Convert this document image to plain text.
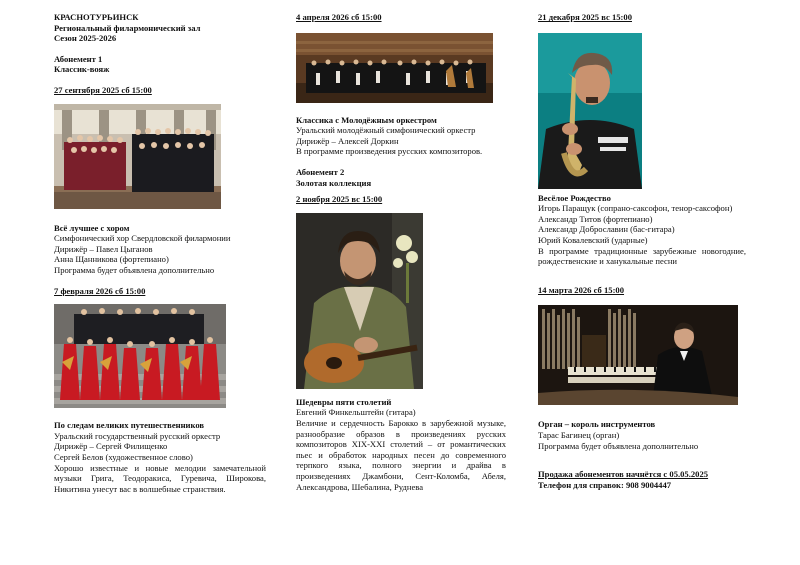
КРАСНОТУРЬИНСК
Региональный филармонический зал
Сезон 2025-2026
Абонемент 1
Классик-вояж
27 сентября 2025 сб 15:00
Всё лучшее с хором
Симфонический хор Свердловской филармонии
Дирижёр – Павел Цыганов
Анна Щанникова (фортепиано)
Программа будет объявлена дополнительно
7 февраля 2026 сб 15:00
По следам великих путешественников
Уральский государственный русский оркестр
Дирижёр – Сергей Филищенко
Сергей Белов (художественное слово)
Хорошо известные и новые мелодии замечательной музыки Грига, Теодоракиса, Гуревича, Широкова, Никитина унесут вас в волшебные странствия.
4 апреля 2026 сб 15:00
Классика с Молодёжным оркестром
Уральский молодёжный симфонический оркестр
Дирижёр – Алексей Доркин
В программе произведения русских композиторов.
Абонемент 2
Золотая коллекция
2 ноября 2025 вс 15:00
Шедевры пяти столетий
Евгений Финкельштейн (гитара)
Величие и сердечность Барокко в зарубежной музыке, разнообразие образов в произведениях русских композиторов XIX-XXI столетий – от романтических пьес и обработок народных песен до современного терпкого языка, полного энергии и драйва в произведениях Джамбони, Сент-Коломба, Абеля, Александрова, Шебалина, Руднева
21 декабря 2025 вс 15:00
Весёлое Рождество
Игорь Паращук (сопрано-саксофон, тенор-саксофон)
Александр Титов (фортепиано)
Александр Доброславин (бас-гитара)
Юрий Ковалевский (ударные)
В программе традиционные зарубежные новогодние, рождественские и ханукальные песни
14 марта 2026 сб 15:00
Орган – король инструментов
Тарас Багинец (орган)
Программа будет объявлена дополнительно
Продажа абонементов начнётся с 05.05.2025
Телефон для справок: 908 9004447
